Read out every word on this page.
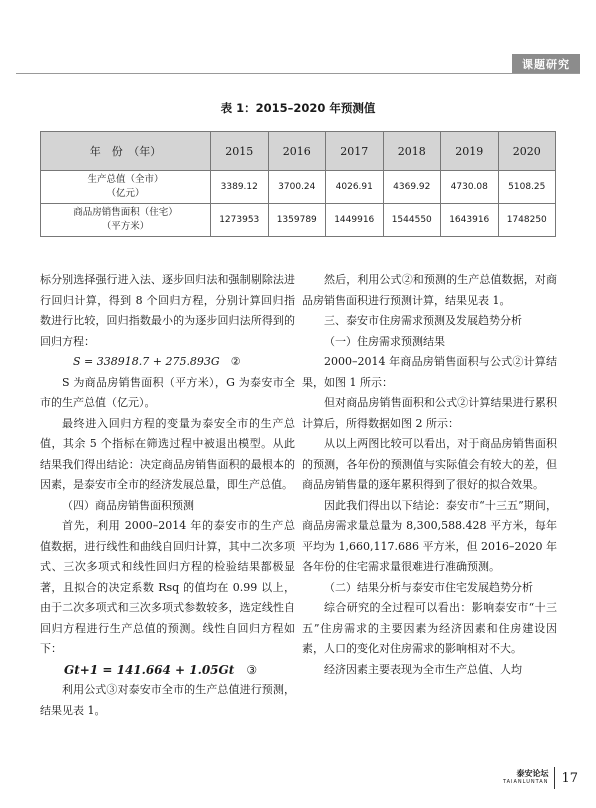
课题研究
表 1：2015–2020 年预测值
年　份　（年）	2015	2016	2017	2018	2019	2020

生产总值（全市）
（亿元）	3389.12	3700.24	4026.91	4369.92	4730.08	5108.25

商品房销售面积（住宅）
（平方米）	1273953	1359789	1449916	1544550	1643916	1748250

标分别选择强行进入法、逐步回归法和强制剔除法进行回归计算，得到 8 个回归方程，分别计算回归指数进行比较，回归指数最小的为逐步回归法所得到的回归方程：

S = 338918.7 + 275.893G　 ②

S 为商品房销售面积（平方米），G 为泰安市全市的生产总值（亿元）。

最终进入回归方程的变量为泰安全市的生产总值，其余 5 个指标在筛选过程中被退出模型。从此结果我们得出结论：决定商品房销售面积的最根本的因素，是泰安市全市的经济发展总量，即生产总值。

（四）商品房销售面积预测

首先，利用 2000–2014 年的泰安市的生产总值数据，进行线性和曲线自回归计算，其中二次多项式、三次多项式和线性回归方程的检验结果都极显著，且拟合的决定系数 Rsq 的值均在 0.99 以上，由于二次多项式和三次多项式参数较多，选定线性自回归方程进行生产总值的预测。线性自回归方程如下：

Gt+1 = 141.664 + 1.05Gt　 ③

利用公式③对泰安市全市的生产总值进行预测，结果见表 1。

然后，利用公式②和预测的生产总值数据，对商品房销售面积进行预测计算，结果见表 1。

三、泰安市住房需求预测及发展趋势分析

（一）住房需求预测结果

2000–2014 年商品房销售面积与公式②计算结果，如图 1 所示：

但对商品房销售面积和公式②计算结果进行累积计算后，所得数据如图 2 所示：

从以上两图比较可以看出，对于商品房销售面积的预测，各年份的预测值与实际值会有较大的差，但商品房销售量的逐年累积得到了很好的拟合效果。

因此我们得出以下结论：泰安市“十三五”期间，商品房需求量总量为 8,300,588.428 平方米，每年平均为 1,660,117.686 平方米，但 2016–2020 年各年份的住宅需求量很难进行准确预测。

（二）结果分析与泰安市住宅发展趋势分析

综合研究的全过程可以看出：影响泰安市“十三五”住房需求的主要因素为经济因素和住房建设因素，人口的变化对住房需求的影响相对不大。

经济因素主要表现为全市生产总值、人均

泰安论坛
TAIANLUNTAN 17
